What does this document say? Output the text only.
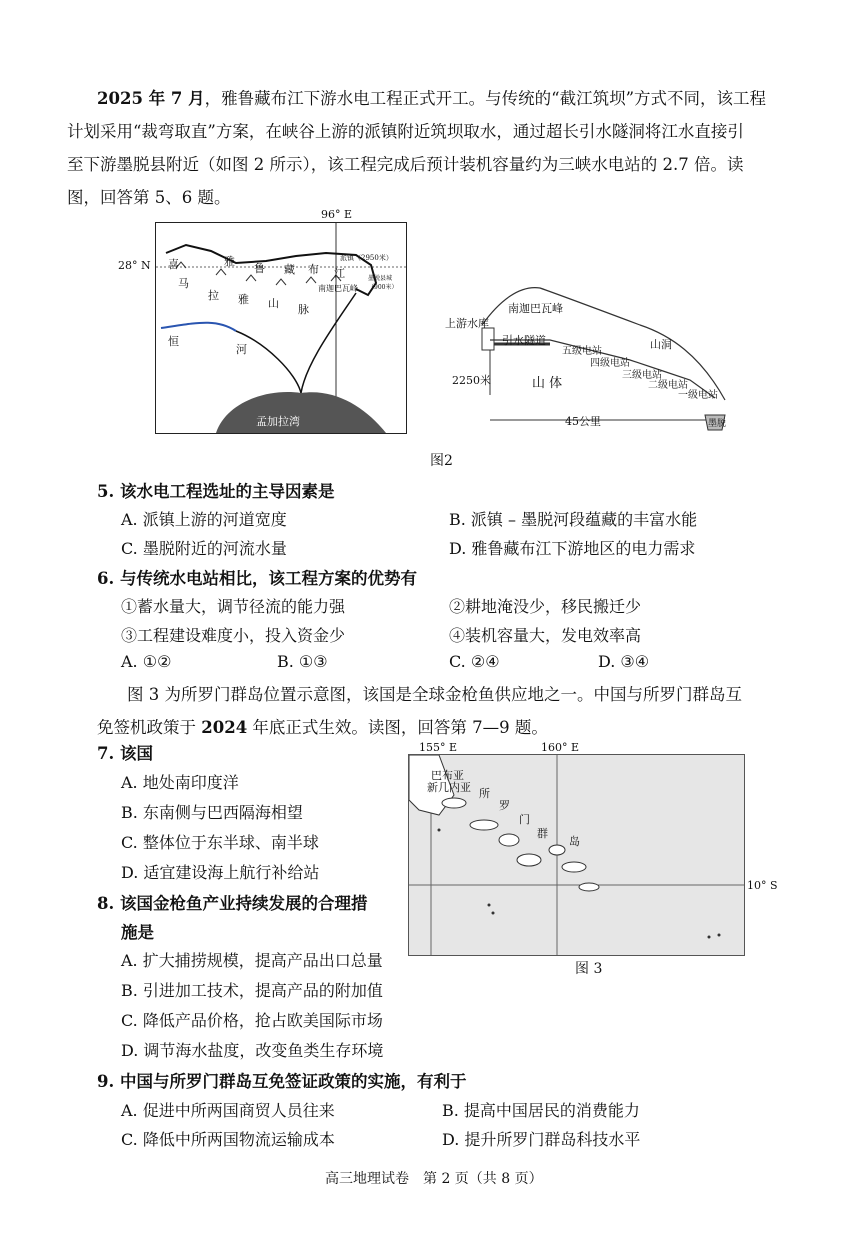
2025 年 7 月，雅鲁藏布江下游水电工程正式开工。与传统的“截江筑坝”方式不同，该工程
计划采用“裁弯取直”方案，在峡谷上游的派镇附近筑坝取水，通过超长引水隧洞将江水直接引
至下游墨脱县附近（如图 2 所示），该工程完成后预计装机容量约为三峡水电站的 2.7 倍。读
图，回答第 5、6 题。
96° E
28° N 喜
马
拉 雅 山 脉
雅
鲁 藏 布 江
派镇（2950米）
南迦巴瓦峰
墨脱县城（900米）
恒
河
孟加拉湾
南迦巴瓦峰
上游水库
引水隧道	山洞
五级电站
四级电站
三级电站
二级电站
一级电站
2250米	山 体
45公里	墨脱
图2
5. 该水电工程选址的主导因素是
A. 派镇上游的河道宽度	B. 派镇 – 墨脱河段蕴藏的丰富水能
C. 墨脱附近的河流水量	D. 雅鲁藏布江下游地区的电力需求
6. 与传统水电站相比，该工程方案的优势有
①蓄水量大，调节径流的能力强	②耕地淹没少，移民搬迁少
③工程建设难度小，投入资金少	④装机容量大，发电效率高
A. ①②	B. ①③	C. ②④	D. ③④
图 3 为所罗门群岛位置示意图，该国是全球金枪鱼供应地之一。中国与所罗门群岛互
免签机政策于 2024 年底正式生效。读图，回答第 7—9 题。
7. 该国
A. 地处南印度洋
B. 东南侧与巴西隔海相望
C. 整体位于东半球、南半球
D. 适宜建设海上航行补给站
155° E	160° E
10° S
巴布亚
新几内亚 所
罗
门
群
岛
图 3
8. 该国金枪鱼产业持续发展的合理措
施是
A. 扩大捕捞规模，提高产品出口总量
B. 引进加工技术，提高产品的附加值
C. 降低产品价格，抢占欧美国际市场
D. 调节海水盐度，改变鱼类生存环境
9. 中国与所罗门群岛互免签证政策的实施，有利于
A. 促进中所两国商贸人员往来	B. 提高中国居民的消费能力
C. 降低中所两国物流运输成本	D. 提升所罗门群岛科技水平
高三地理试卷　第 2 页（共 8 页）
